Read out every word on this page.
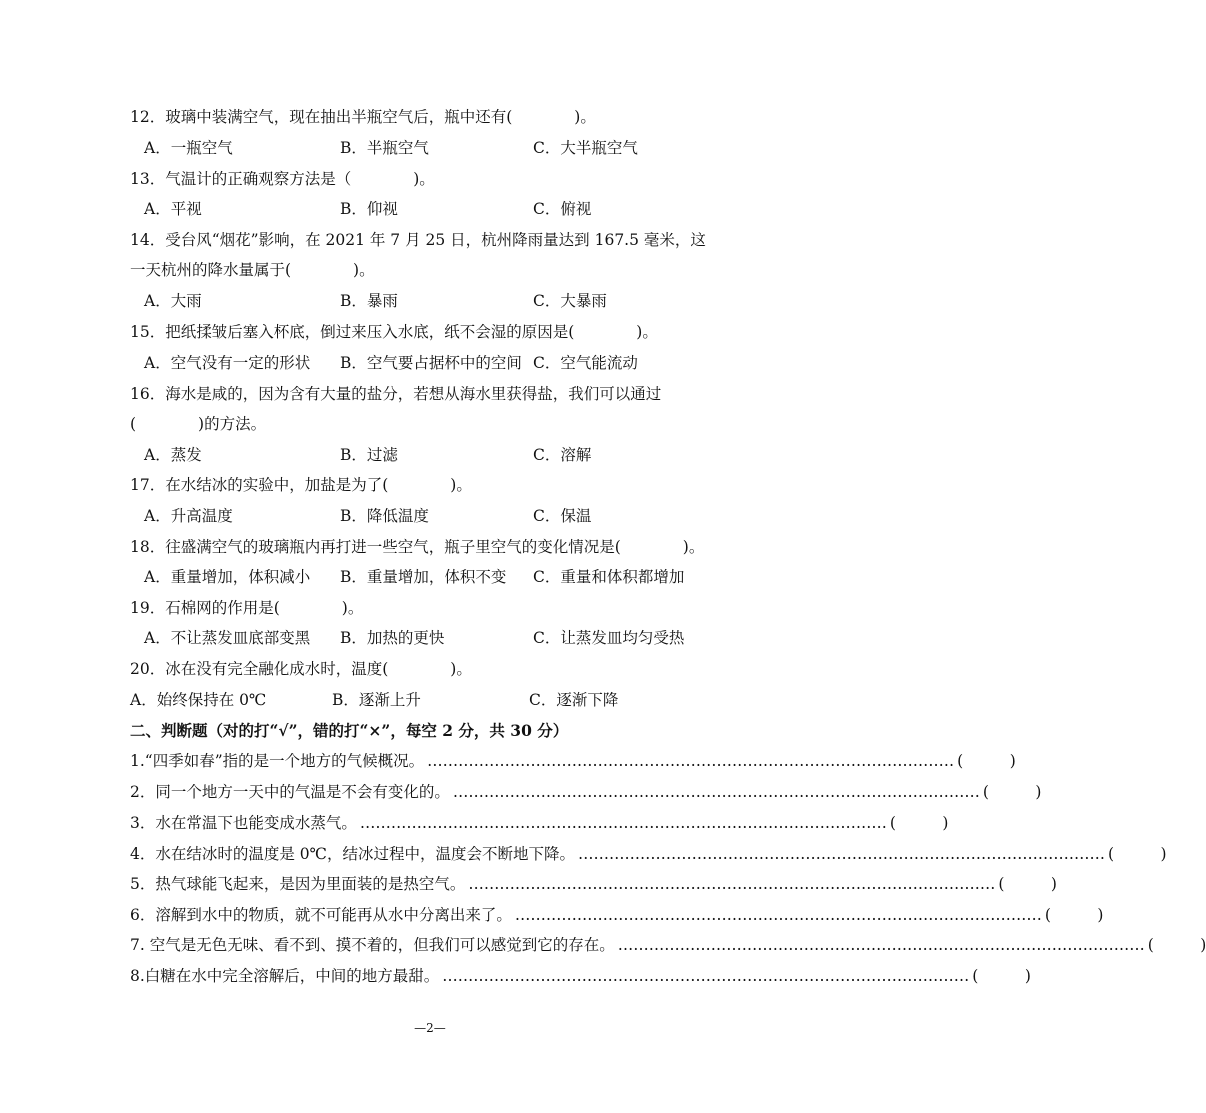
12．玻璃中装满空气，现在抽出半瓶空气后，瓶中还有(　　　　)。
A．一瓶空气	B．半瓶空气	C．大半瓶空气
13．气温计的正确观察方法是（　　　　)。
A．平视	B．仰视	C．俯视
14．受台风“烟花”影响，在 2021 年 7 月 25 日，杭州降雨量达到 167.5 毫米，这
一天杭州的降水量属于(　　　　)。
A．大雨	B．暴雨	C．大暴雨
15．把纸揉皱后塞入杯底，倒过来压入水底，纸不会湿的原因是(　　　　)。
A．空气没有一定的形状 B．空气要占据杯中的空间 C．空气能流动
16．海水是咸的，因为含有大量的盐分，若想从海水里获得盐，我们可以通过
(　　　　)的方法。
A．蒸发	B．过滤	C．溶解
17．在水结冰的实验中，加盐是为了(　　　　)。
A．升高温度	B．降低温度	C．保温
18．往盛满空气的玻璃瓶内再打进一些空气，瓶子里空气的变化情况是(　　　　)。
A．重量增加，体积减小 B．重量增加，体积不变 C．重量和体积都增加
19．石棉网的作用是(　　　　)。
A．不让蒸发皿底部变黑 B．加热的更快	C．让蒸发皿均匀受热
20．冰在没有完全融化成水时，温度(　　　　)。
A．始终保持在 0℃	B．逐渐上升	C．逐渐下降
二、判断题（对的打“√”，错的打“×”，每空 2 分，共 30 分）
1.“四季如春”指的是一个地方的气候概况。 ………………………………………………………………………………………… (　　　)
2．同一个地方一天中的气温是不会有变化的。 ………………………………………………………………………………………… (　　　)
3．水在常温下也能变成水蒸气。 ………………………………………………………………………………………… (　　　)
4．水在结冰时的温度是 0℃，结冰过程中，温度会不断地下降。 ………………………………………………………………………………………… (　　　)
5．热气球能飞起来，是因为里面装的是热空气。 ………………………………………………………………………………………… (　　　)
6．溶解到水中的物质，就不可能再从水中分离出来了。 ………………………………………………………………………………………… (　　　)
7. 空气是无色无味、看不到、摸不着的，但我们可以感觉到它的存在。 ………………………………………………………………………………………… (　　　)
8.白糖在水中完全溶解后，中间的地方最甜。 ………………………………………………………………………………………… (　　　)
—2—
